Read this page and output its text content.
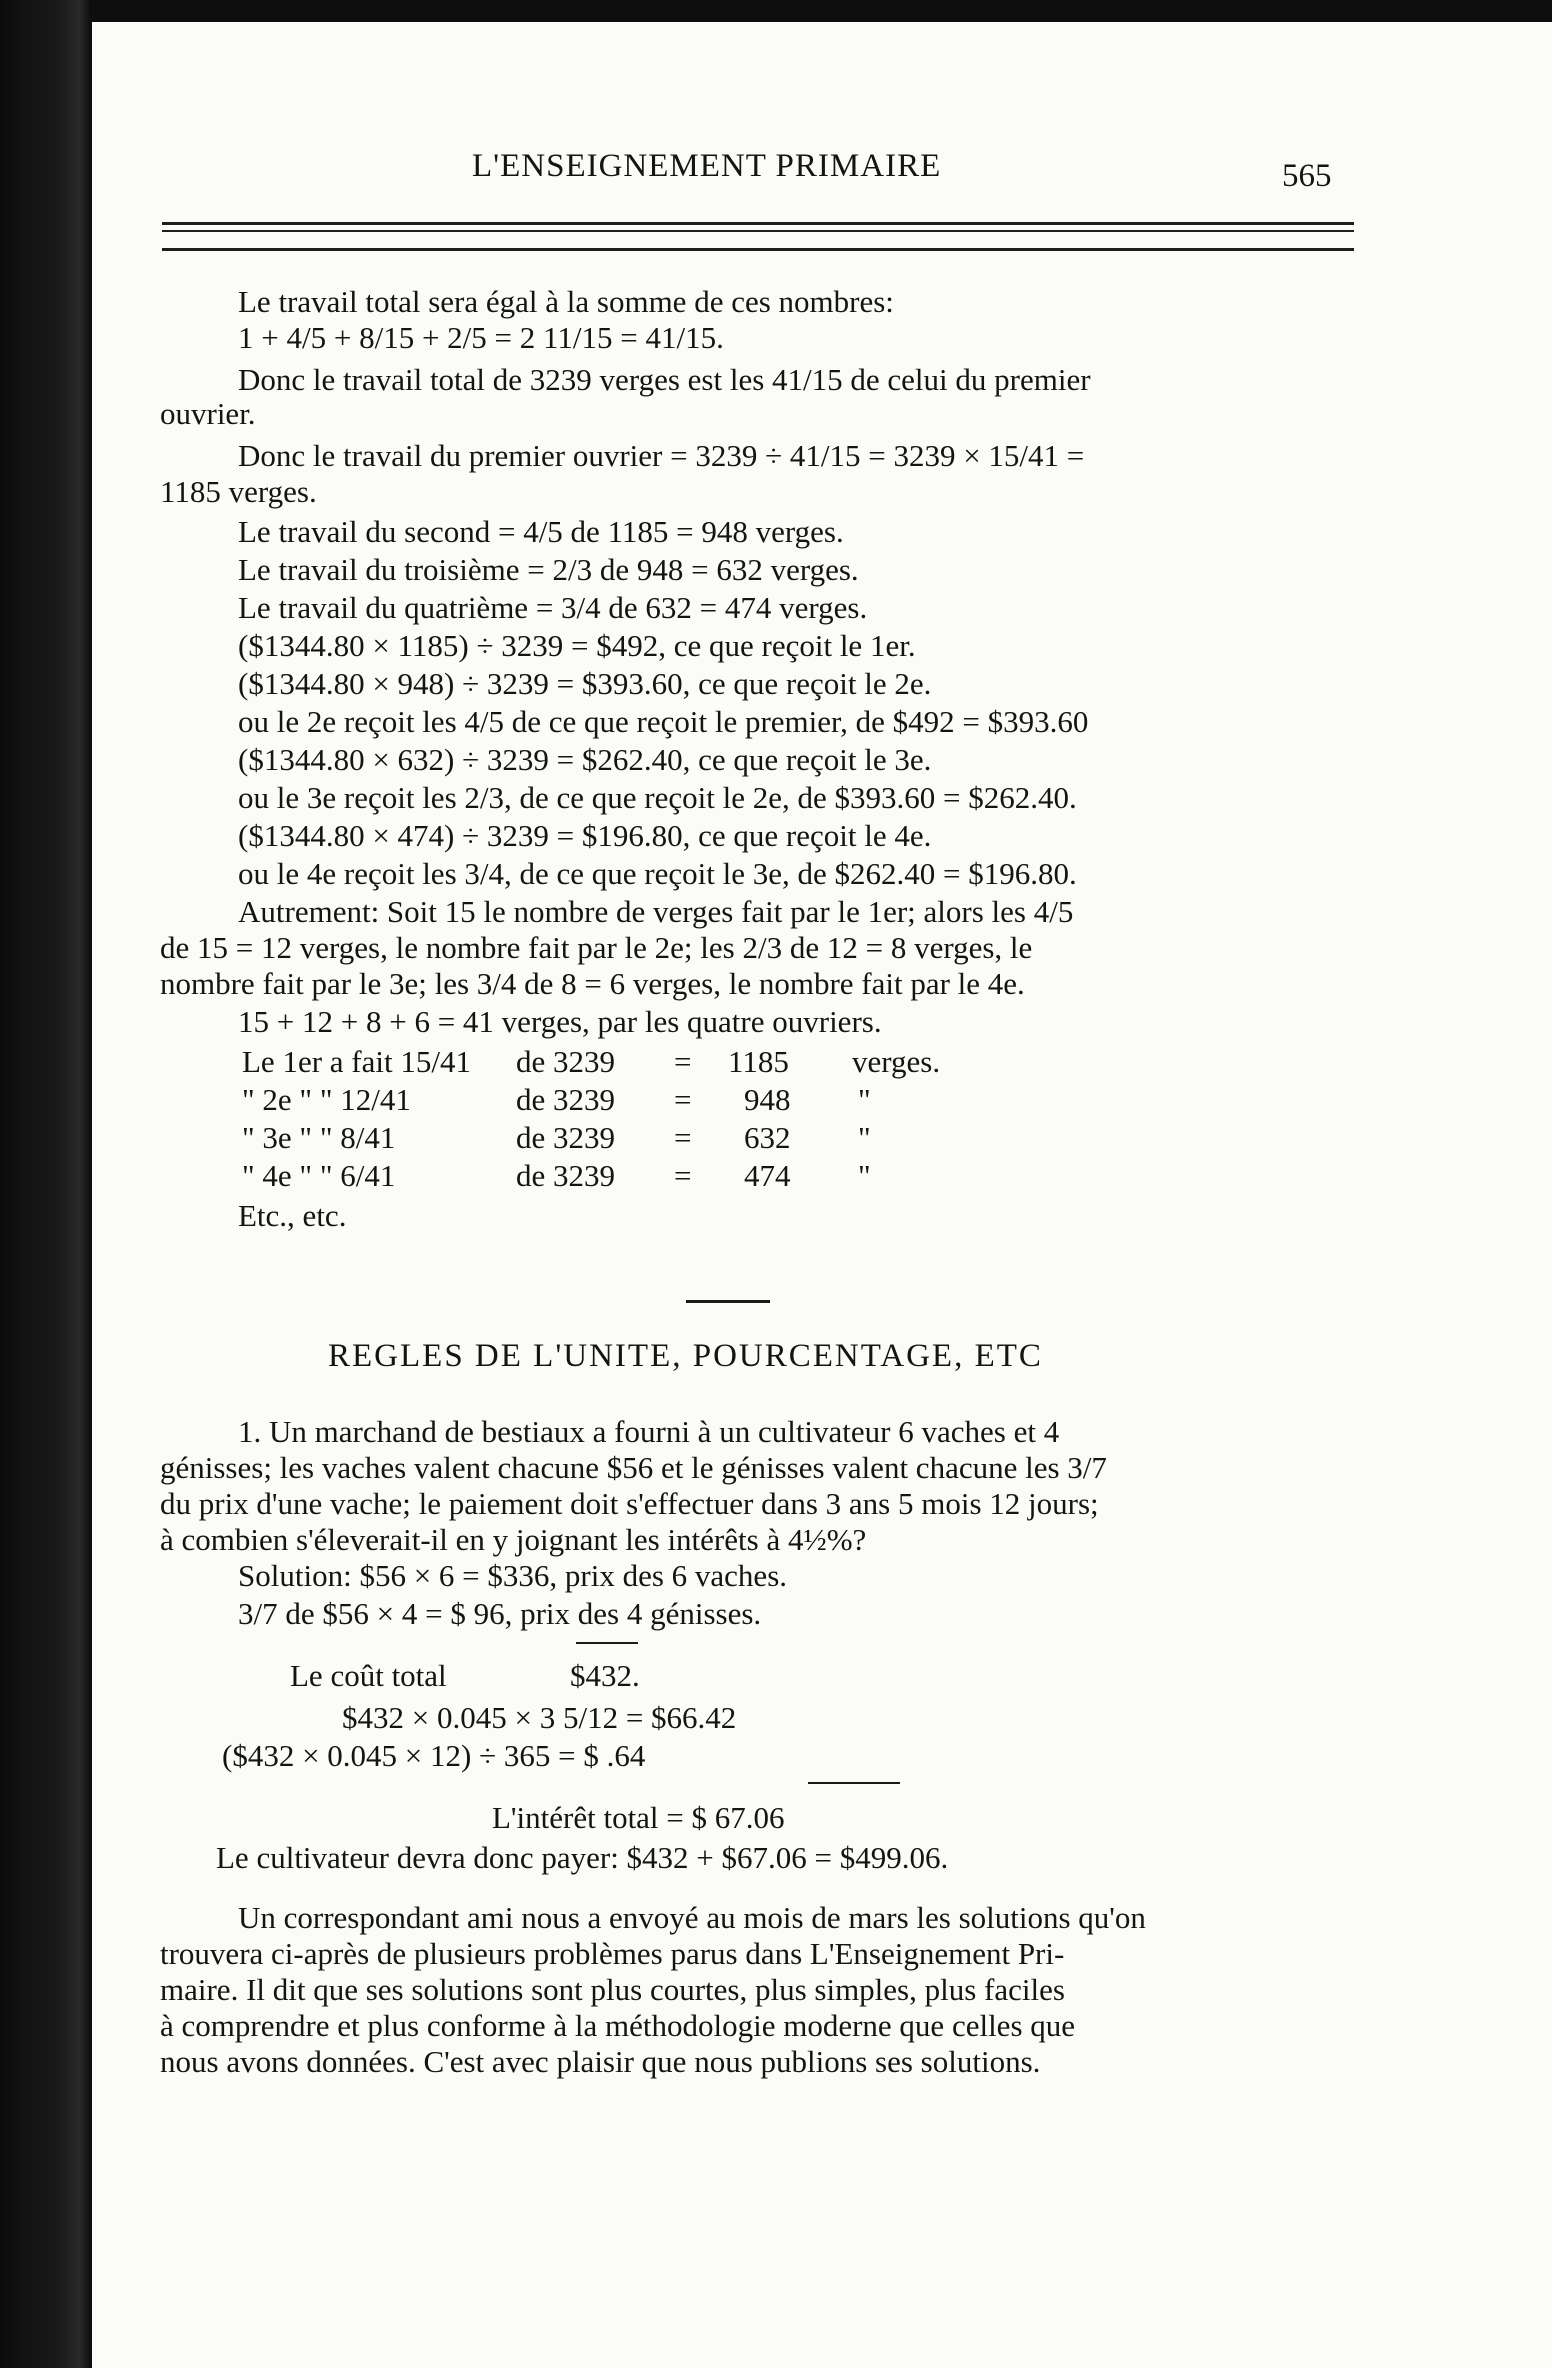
L'ENSEIGNEMENT PRIMAIRE	565
Le travail total sera égal à la somme de ces nombres:
1 + 4/5 + 8/15 + 2/5 = 2 11/15 = 41/15.
Donc le travail total de 3239 verges est les 41/15 de celui du premier
ouvrier.
Donc le travail du premier ouvrier = 3239 ÷ 41/15 = 3239 × 15/41 =
1185 verges.
Le travail du second = 4/5 de 1185 = 948 verges.
Le travail du troisième = 2/3 de 948 = 632 verges.
Le travail du quatrième = 3/4 de 632 = 474 verges.
($1344.80 × 1185) ÷ 3239 = $492, ce que reçoit le 1er.
($1344.80 × 948) ÷ 3239 = $393.60, ce que reçoit le 2e.
ou le 2e reçoit les 4/5 de ce que reçoit le premier, de $492 = $393.60
($1344.80 × 632) ÷ 3239 = $262.40, ce que reçoit le 3e.
ou le 3e reçoit les 2/3, de ce que reçoit le 2e, de $393.60 = $262.40.
($1344.80 × 474) ÷ 3239 = $196.80, ce que reçoit le 4e.
ou le 4e reçoit les 3/4, de ce que reçoit le 3e, de $262.40 = $196.80.
Autrement: Soit 15 le nombre de verges fait par le 1er; alors les 4/5
de 15 = 12 verges, le nombre fait par le 2e; les 2/3 de 12 = 8 verges, le
nombre fait par le 3e; les 3/4 de 8 = 6 verges, le nombre fait par le 4e.
15 + 12 + 8 + 6 = 41 verges, par les quatre ouvriers.
Le 1er a fait 15/41 de 3239 = 1185 verges.
" 2e " " 12/41	de 3239 = 948 "
" 3e " " 8/41	de 3239 = 632 "
" 4e " " 6/41	de 3239 = 474 "
Etc., etc.
REGLES DE L'UNITE, POURCENTAGE, ETC
1. Un marchand de bestiaux a fourni à un cultivateur 6 vaches et 4
génisses; les vaches valent chacune $56 et le génisses valent chacune les 3/7
du prix d'une vache; le paiement doit s'effectuer dans 3 ans 5 mois 12 jours;
à combien s'éleverait-il en y joignant les intérêts à 4½%?
Solution: $56 × 6 = $336, prix des 6 vaches.
3/7 de $56 × 4 = $ 96, prix des 4 génisses.
Le coût total	$432.
$432 × 0.045 × 3 5/12 = $66.42
($432 × 0.045 × 12) ÷ 365 = $ .64
L'intérêt total = $ 67.06
Le cultivateur devra donc payer: $432 + $67.06 = $499.06.
Un correspondant ami nous a envoyé au mois de mars les solutions qu'on
trouvera ci-après de plusieurs problèmes parus dans L'Enseignement Pri-
maire. Il dit que ses solutions sont plus courtes, plus simples, plus faciles
à comprendre et plus conforme à la méthodologie moderne que celles que
nous avons données. C'est avec plaisir que nous publions ses solutions.
